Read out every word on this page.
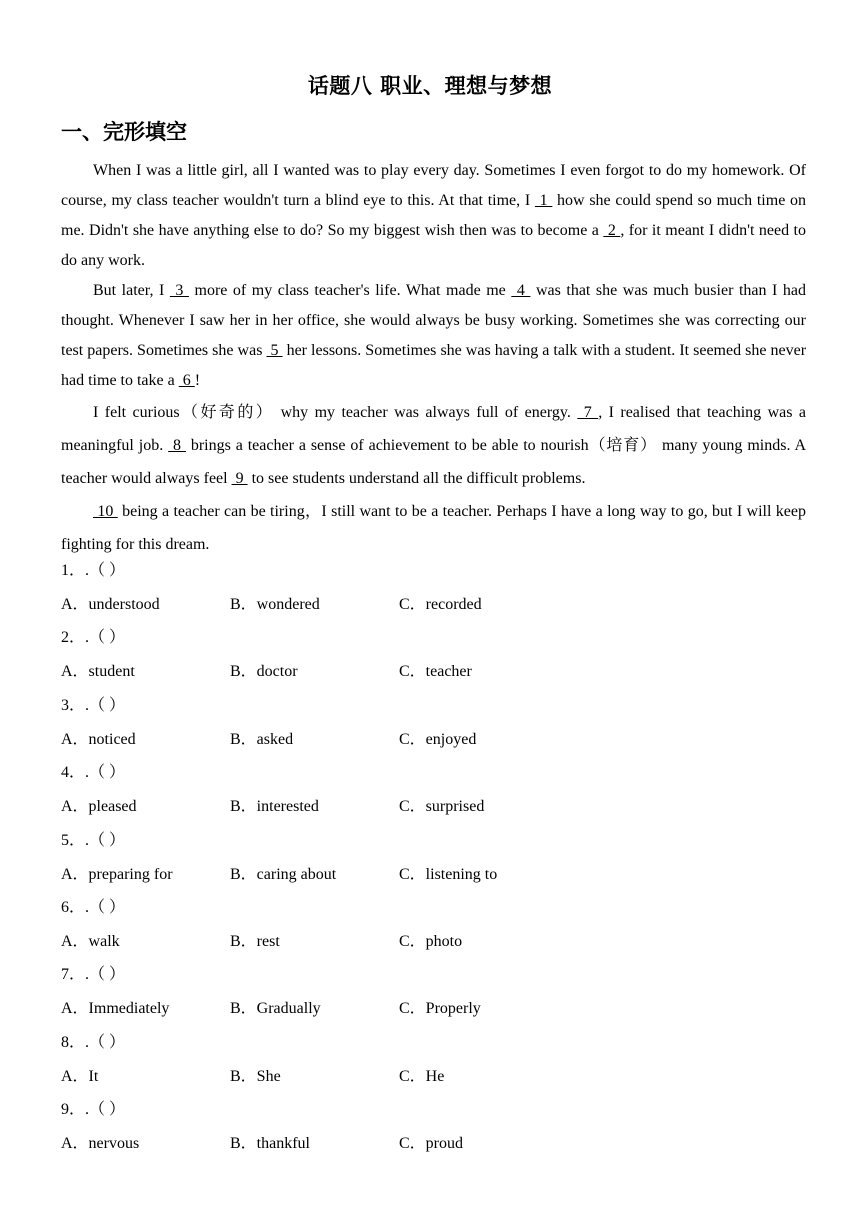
话题八 职业、理想与梦想
一、完形填空

When I was a little girl, all I wanted was to play every day. Sometimes I even forgot to do my homework. Of course, my class teacher wouldn't turn a blind eye to this. At that time, I  1  how she could spend so much time on me. Didn't she have anything else to do? So my biggest wish then was to become a  2 , for it meant I didn't need to do any work.

But later, I  3  more of my class teacher's life. What made me  4  was that she was much busier than I had thought. Whenever I saw her in her office, she would always be busy working. Sometimes she was correcting our test papers. Sometimes she was  5  her lessons. Sometimes she was having a talk with a student. It seemed she never had time to take a  6 !

I felt curious（好奇的） why my teacher was always full of energy.  7 , I realised that teaching was a meaningful job.  8  brings a teacher a sense of achievement to be able to nourish（培育） many young minds. A teacher would always feel  9  to see students understand all the difficult problems.

10  being a teacher can be tiring，I still want to be a teacher. Perhaps I have a long way to go, but I will keep fighting for this dream.

1．.（ ）
A．understood	B．wondered	C．recorded
2．.（ ）
A．student	B．doctor	C．teacher
3．.（ ）
A．noticed	B．asked	C．enjoyed
4．.（ ）
A．pleased	B．interested	C．surprised
5．.（ ）
A．preparing for	B．caring about	C．listening to
6．.（ ）
A．walk	B．rest	C．photo
7．.（ ）
A．Immediately	B．Gradually	C．Properly
8．.（ ）
A．It	B．She	C．He
9．.（ ）
A．nervous	B．thankful	C．proud
